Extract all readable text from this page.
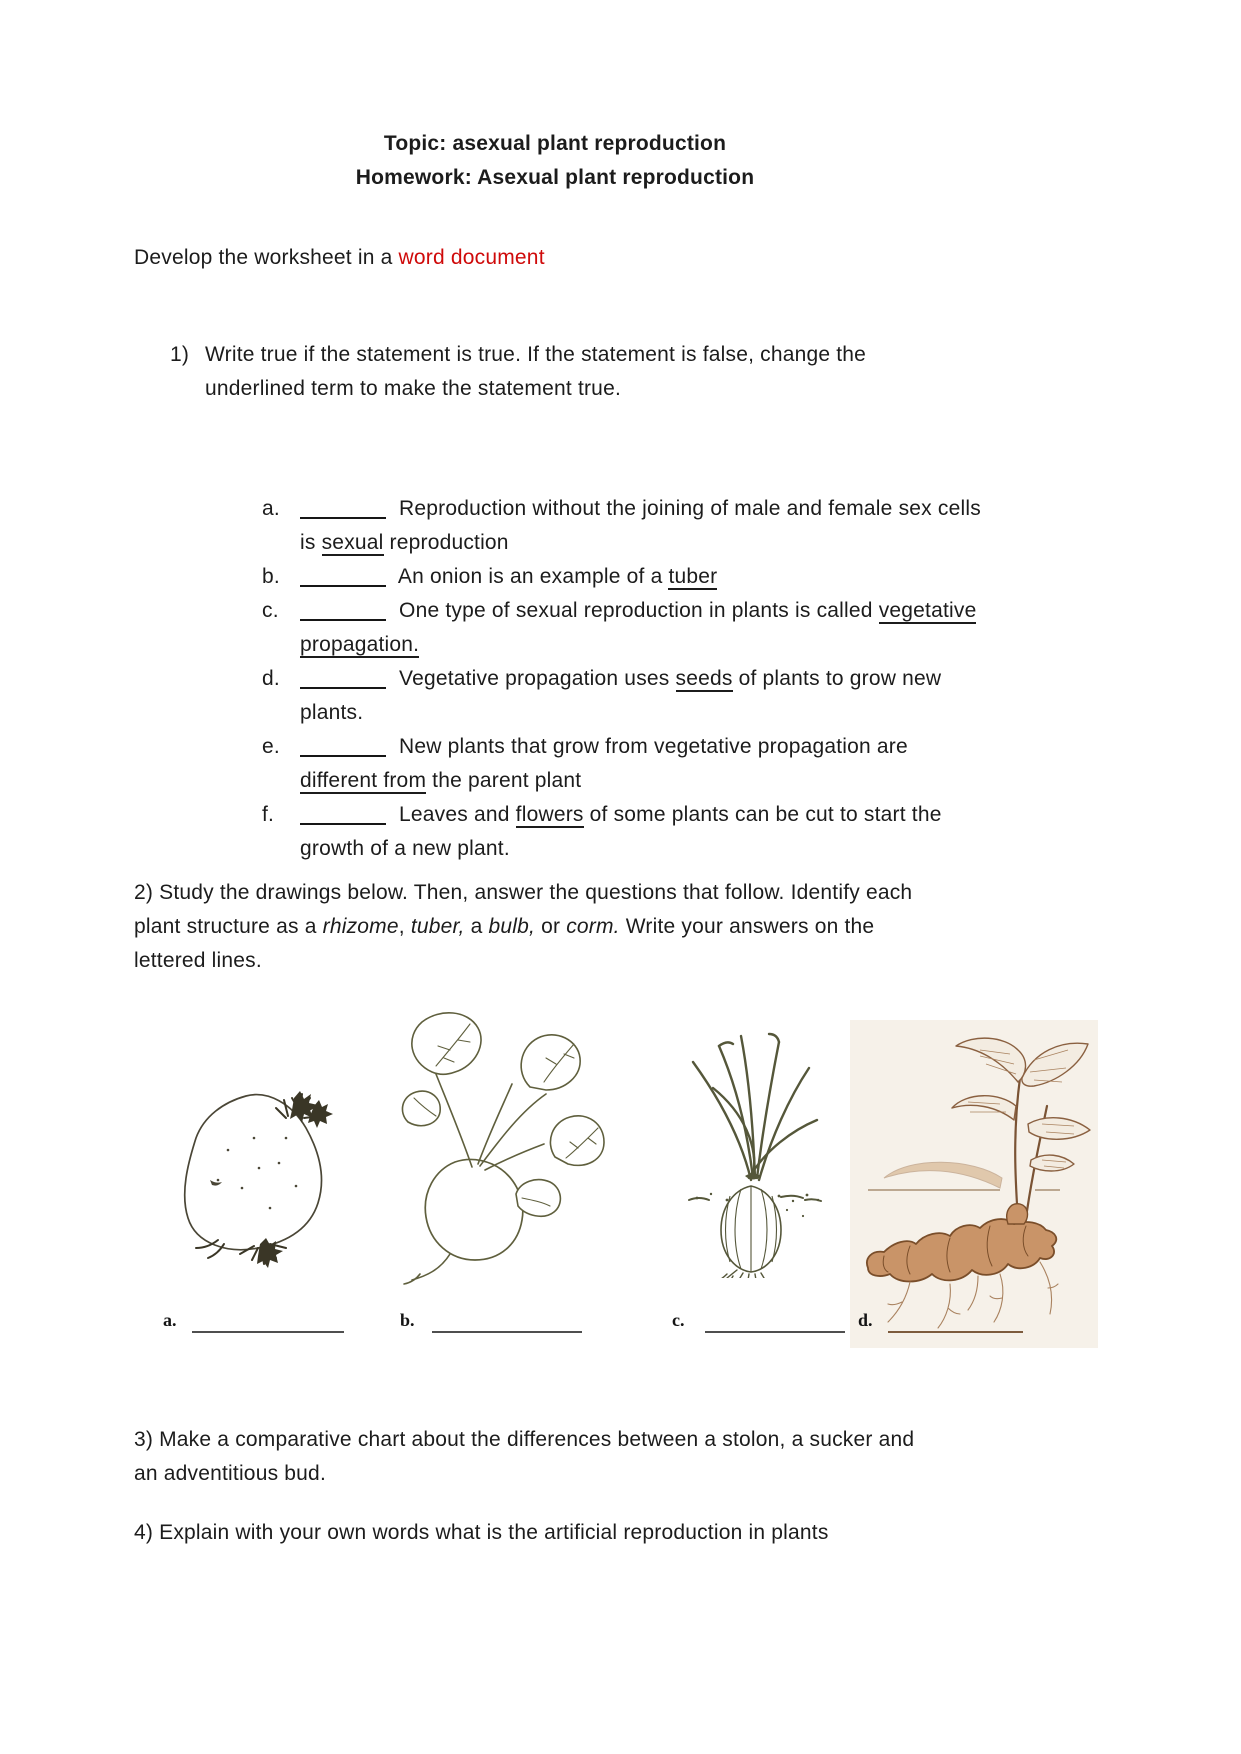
Topic: asexual plant reproduction
Homework: Asexual plant reproduction
Develop the worksheet in a word document
1) Write true if the statement is true. If the statement is false, change the
underlined term to make the statement true.
a.	Reproduction without the joining of male and female sex cells
is sexual reproduction
b.	An onion is an example of a tuber
c.	One type of sexual reproduction in plants is called vegetative
propagation.
d.	Vegetative propagation uses seeds of plants to grow new
plants.
e.	New plants that grow from vegetative propagation are
different from the parent plant
f.	Leaves and flowers of some plants can be cut to start the
growth of a new plant.
2) Study the drawings below. Then, answer the questions that follow. Identify each
plant structure as a rhizome, tuber, a bulb, or corm. Write your answers on the
lettered lines.
a.	b.	c.	d.
3) Make a comparative chart about the differences between a stolon, a sucker and
an adventitious bud.
4) Explain with your own words what is the artificial reproduction in plants
